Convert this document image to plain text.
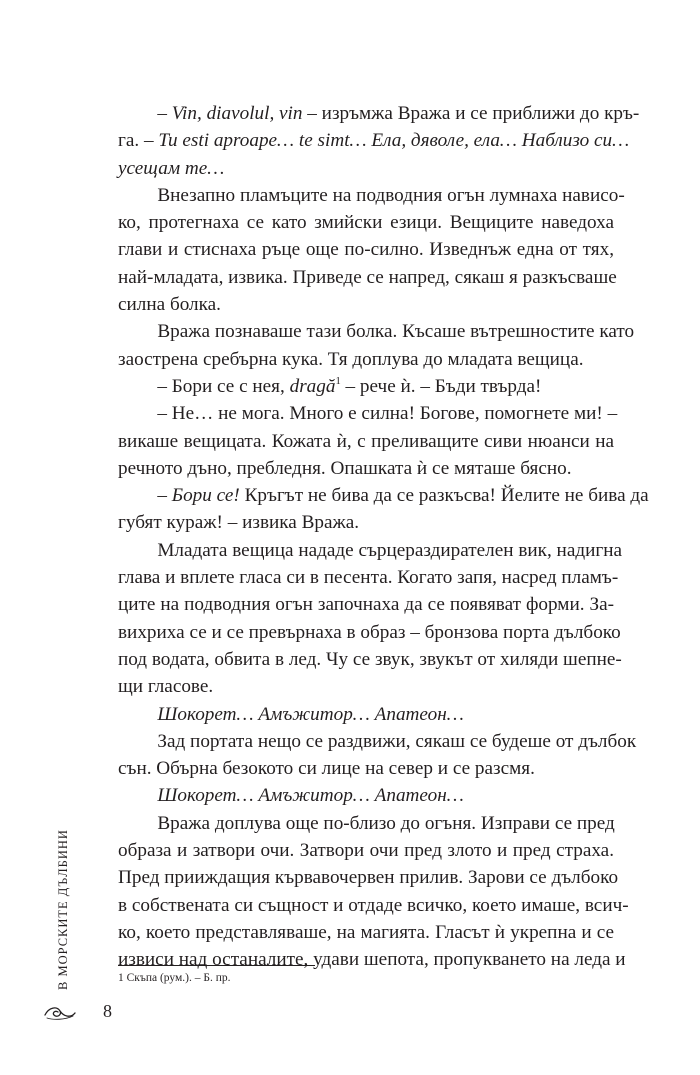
– Vin, diavolul, vin – изръмжа Вража и се приближи до кръ-
га. – Tu esti aproape… te simt… Ела, дяволе, ела… Наблизо си…
усещам те…

Внезапно пламъците на подводния огън лумнаха нависо-
ко, протегнаха се като змийски езици. Вещиците наведоха
глави и стиснаха ръце още по-силно. Изведнъж една от тях,
най-младата, извика. Приведе се напред, сякаш я разкъсваше
силна болка.

Вража познаваше тази болка. Късаше вътрешностите като
заострена сребърна кука. Тя доплува до младата вещица.

– Бори се с нея, dragă$^1$ – рече ѝ. – Бъди твърда!

– Не… не мога. Много е силна! Богове, помогнете ми! –
викаше вещицата. Кожата ѝ, с преливащите сиви нюанси на
речното дъно, пребледня. Опашката ѝ се мяташе бясно.

– Бори се! Кръгът не бива да се разкъсва! Йелите не бива да
губят кураж! – извика Вража.

Младата вещица нададе сърцераздирателен вик, надигна
глава и вплете гласа си в песента. Когато запя, насред пламъ-
ците на подводния огън започнаха да се появяват форми. За-
вихриха се и се превърнаха в образ – бронзова порта дълбоко
под водата, обвита в лед. Чу се звук, звукът от хиляди шепне-
щи гласове.

Шокорет… Амъжитор… Апатеон…

Зад портата нещо се раздвижи, сякаш се будеше от дълбок
сън. Обърна безокото си лице на север и се разсмя.

Шокорет… Амъжитор… Апатеон…

Вража доплува още по-близо до огъня. Изправи се пред
образа и затвори очи. Затвори очи пред злото и пред страха.
Пред прииждащия кървавочервен прилив. Зарови се дълбоко
в собствената си същност и отдаде всичко, което имаше, всич-
ко, което представляваше, на магията. Гласът ѝ укрепна и се
извиси над останалите, удави шепота, пропукването на леда и

1 Скъпа (рум.). – Б. пр.
В МОРСКИТЕ ДЪЛБИНИ
8
